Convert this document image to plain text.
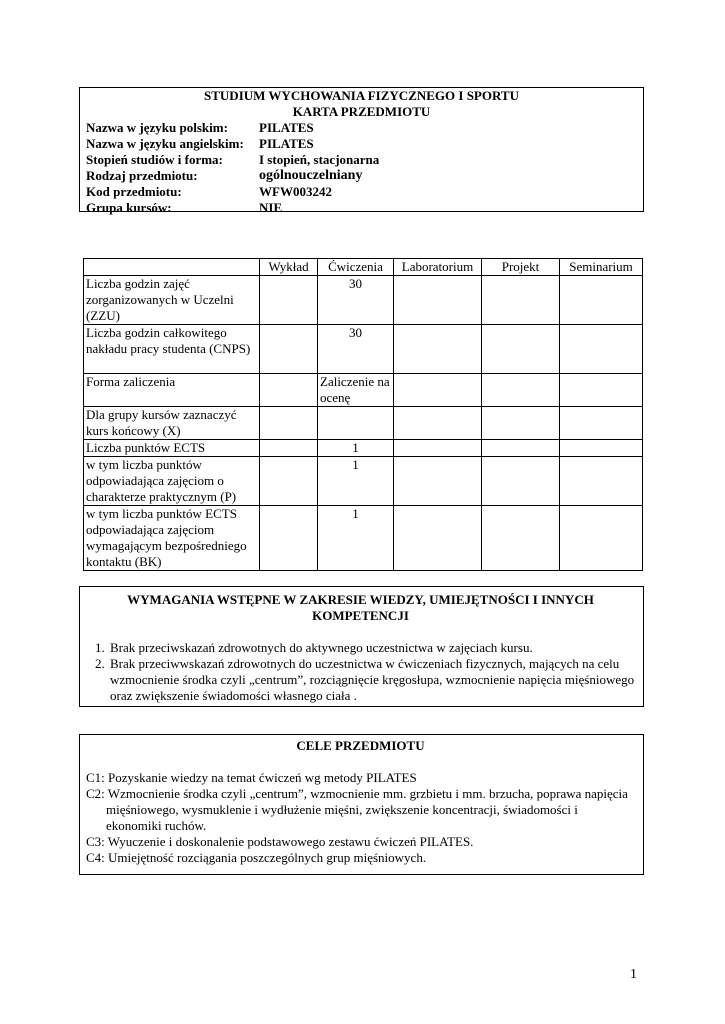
STUDIUM WYCHOWANIA FIZYCZNEGO I SPORTU
KARTA PRZEDMIOTU
Nazwa w języku polskim:	PILATES
Nazwa w języku angielskim:	PILATES
Stopień studiów i forma:	I stopień, stacjonarna
Rodzaj przedmiotu:	ogólnouczelniany
Kod przedmiotu:	WFW003242
Grupa kursów:	NIE
	Wykład	Ćwiczenia	Laboratorium	Projekt	Seminarium
Liczba godzin zajęć zorganizowanych w Uczelni (ZZU)		30			
Liczba godzin całkowitego nakładu pracy studenta (CNPS)		30			
Forma zaliczenia		Zaliczenie na ocenę			
Dla grupy kursów zaznaczyć kurs końcowy (X)					
Liczba punktów ECTS		1			
w tym liczba punktów odpowiadająca zajęciom o charakterze praktycznym (P)		1			
w tym liczba punktów ECTS odpowiadająca zajęciom wymagającym bezpośredniego kontaktu (BK)		1			
WYMAGANIA WSTĘPNE W ZAKRESIE WIEDZY, UMIEJĘTNOŚCI I INNYCH KOMPETENCJI
1. Brak przeciwskazań zdrowotnych do aktywnego uczestnictwa w zajęciach kursu.
2. Brak przeciwwskazań zdrowotnych do uczestnictwa w ćwiczeniach fizycznych, mających na celu wzmocnienie środka czyli „centrum”, rozciągnięcie kręgosłupa, wzmocnienie napięcia mięśniowego oraz zwiększenie świadomości własnego ciała .
CELE PRZEDMIOTU
C1: Pozyskanie wiedzy na temat ćwiczeń wg metody PILATES
C2: Wzmocnienie środka czyli „centrum”, wzmocnienie mm. grzbietu i mm. brzucha, poprawa napięcia mięśniowego, wysmuklenie i wydłużenie mięśni, zwiększenie koncentracji, świadomości i ekonomiki ruchów.
C3: Wyuczenie i doskonalenie podstawowego zestawu ćwiczeń PILATES.
C4: Umiejętność rozciągania poszczególnych grup mięśniowych.
1
